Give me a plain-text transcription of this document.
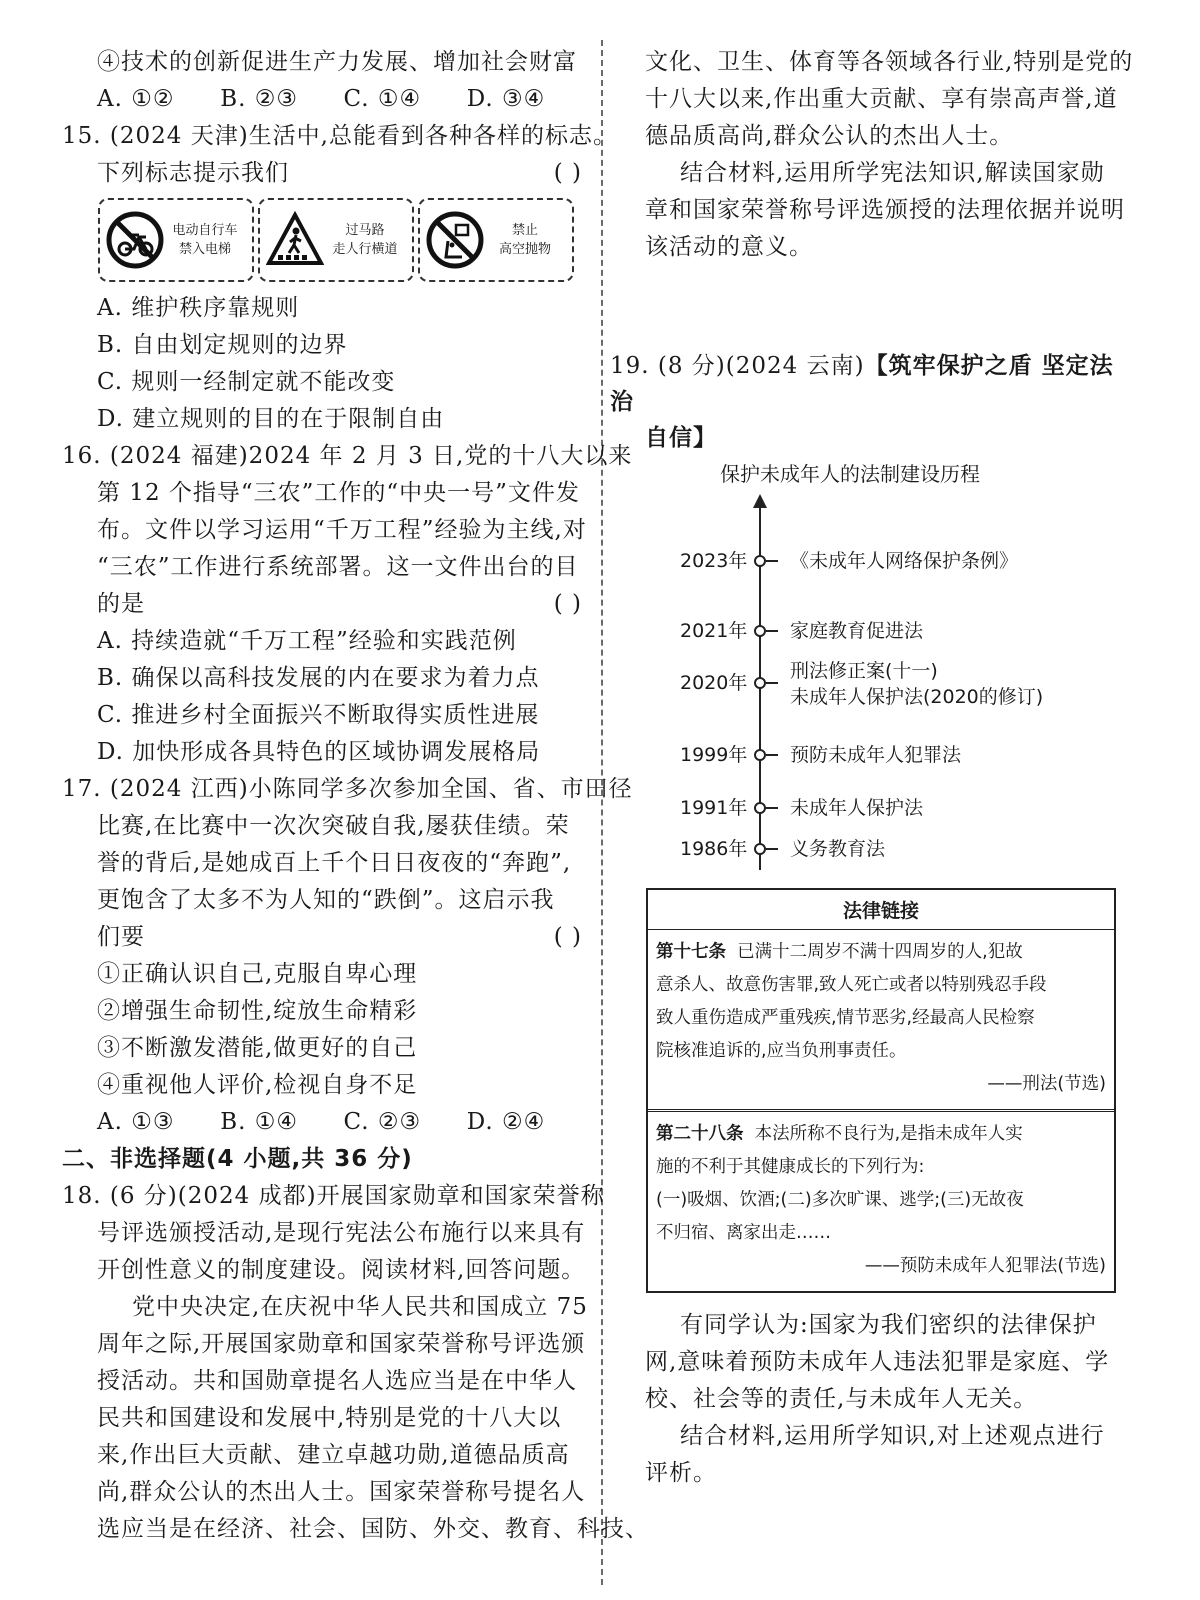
④技术的创新促进生产力发展、增加社会财富
A. ①②	B. ②③	C. ①④	D. ③④
15. (2024 天津)生活中,总能看到各种各样的标志。
下列标志提示我们	( )
电动自行车
禁入电梯
过马路
走人行横道
禁止
高空抛物
A. 维护秩序靠规则
B. 自由划定规则的边界
C. 规则一经制定就不能改变
D. 建立规则的目的在于限制自由
16. (2024 福建)2024 年 2 月 3 日,党的十八大以来
第 12 个指导“三农”工作的“中央一号”文件发
布。文件以学习运用“千万工程”经验为主线,对
“三农”工作进行系统部署。这一文件出台的目
的是	( )
A. 持续造就“千万工程”经验和实践范例
B. 确保以高科技发展的内在要求为着力点
C. 推进乡村全面振兴不断取得实质性进展
D. 加快形成各具特色的区域协调发展格局
17. (2024 江西)小陈同学多次参加全国、省、市田径
比赛,在比赛中一次次突破自我,屡获佳绩。荣
誉的背后,是她成百上千个日日夜夜的“奔跑”,
更饱含了太多不为人知的“跌倒”。这启示我
们要	( )
①正确认识自己,克服自卑心理
②增强生命韧性,绽放生命精彩
③不断激发潜能,做更好的自己
④重视他人评价,检视自身不足
A. ①③	B. ①④	C. ②③	D. ②④
二、非选择题(4 小题,共 36 分)
18. (6 分)(2024 成都)开展国家勋章和国家荣誉称
号评选颁授活动,是现行宪法公布施行以来具有
开创性意义的制度建设。阅读材料,回答问题。
党中央决定,在庆祝中华人民共和国成立 75
周年之际,开展国家勋章和国家荣誉称号评选颁
授活动。共和国勋章提名人选应当是在中华人
民共和国建设和发展中,特别是党的十八大以
来,作出巨大贡献、建立卓越功勋,道德品质高
尚,群众公认的杰出人士。国家荣誉称号提名人
选应当是在经济、社会、国防、外交、教育、科技、
文化、卫生、体育等各领域各行业,特别是党的
十八大以来,作出重大贡献、享有崇高声誉,道
德品质高尚,群众公认的杰出人士。
结合材料,运用所学宪法知识,解读国家勋
章和国家荣誉称号评选颁授的法理依据并说明
该活动的意义。
19. (8 分)(2024 云南)【筑牢保护之盾 坚定法治
自信】
保护未成年人的法制建设历程
2023年 《未成年人网络保护条例》
2021年 家庭教育促进法
2020年
刑法修正案(十一)
未成年人保护法(2020的修订)
1999年 预防未成年人犯罪法
1991年 未成年人保护法
1986年 义务教育法
法律链接
第十七条 已满十二周岁不满十四周岁的人,犯故
意杀人、故意伤害罪,致人死亡或者以特别残忍手段
致人重伤造成严重残疾,情节恶劣,经最高人民检察
院核准追诉的,应当负刑事责任。
——刑法(节选)
第二十八条 本法所称不良行为,是指未成年人实
施的不利于其健康成长的下列行为:
(一)吸烟、饮酒;(二)多次旷课、逃学;(三)无故夜
不归宿、离家出走……
——预防未成年人犯罪法(节选)
有同学认为:国家为我们密织的法律保护
网,意味着预防未成年人违法犯罪是家庭、学
校、社会等的责任,与未成年人无关。
结合材料,运用所学知识,对上述观点进行
评析。
